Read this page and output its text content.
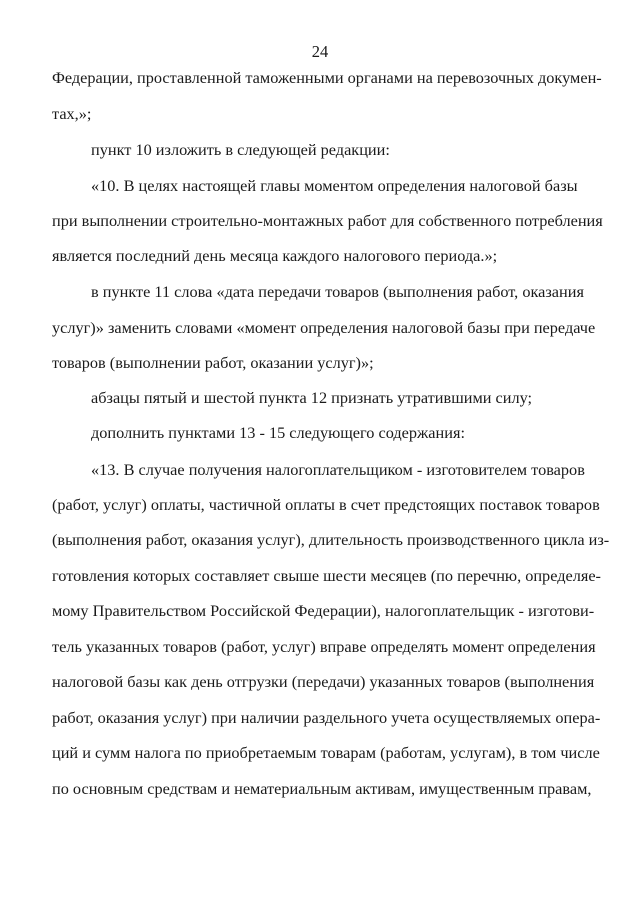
24
Федерации, проставленной таможенными органами на перевозочных докумен-
тах,»;
пункт 10 изложить в следующей редакции:
«10. В целях настоящей главы моментом определения налоговой базы
при выполнении строительно-монтажных работ для собственного потребления
является последний день месяца каждого налогового периода.»;
в пункте 11 слова «дата передачи товаров (выполнения работ, оказания
услуг)» заменить словами «момент определения налоговой базы при передаче
товаров (выполнении работ, оказании услуг)»;
абзацы пятый и шестой пункта 12 признать утратившими силу;
дополнить пунктами 13 - 15 следующего содержания:
«13. В случае получения налогоплательщиком - изготовителем товаров
(работ, услуг) оплаты, частичной оплаты в счет предстоящих поставок товаров
(выполнения работ, оказания услуг), длительность производственного цикла из-
готовления которых составляет свыше шести месяцев (по перечню, определяе-
мому Правительством Российской Федерации), налогоплательщик - изготови-
тель указанных товаров (работ, услуг) вправе определять момент определения
налоговой базы как день отгрузки (передачи) указанных товаров (выполнения
работ, оказания услуг) при наличии раздельного учета осуществляемых опера-
ций и сумм налога по приобретаемым товарам (работам, услугам), в том числе
по основным средствам и нематериальным активам, имущественным правам,
